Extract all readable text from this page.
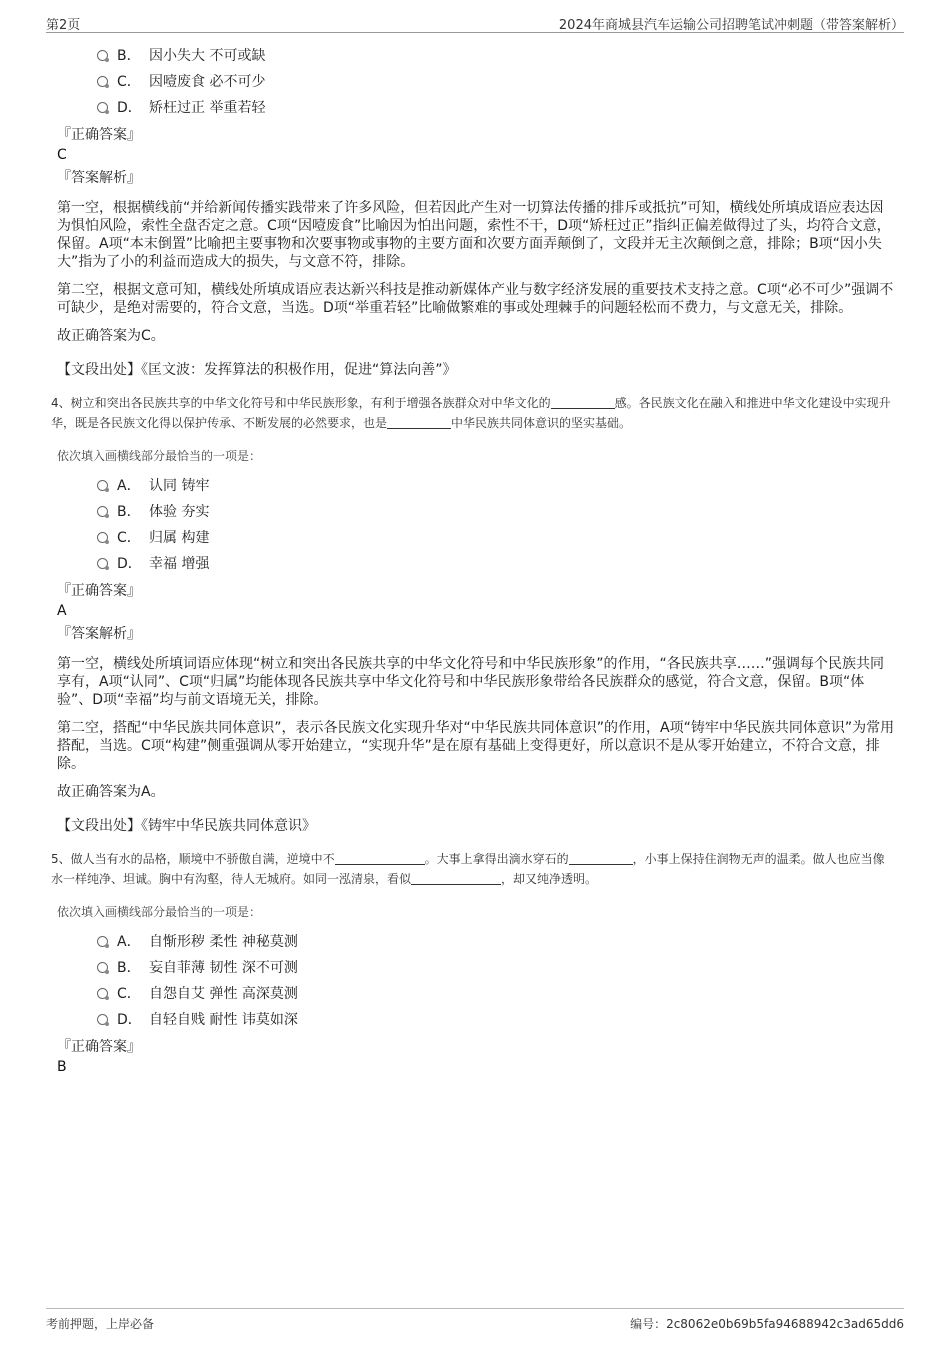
第2页	2024年商城县汽车运输公司招聘笔试冲刺题（带答案解析）
B． 因小失大 不可或缺
C． 因噎废食 必不可少
D． 矫枉过正 举重若轻
『正确答案』
C
『答案解析』

第一空，根据横线前“并给新闻传播实践带来了许多风险，但若因此产生对一切算法传播的排斥或抵抗”可知，横线处所填成语应表达因为惧怕风险，索性全盘否定之意。C项“因噎废食”比喻因为怕出问题，索性不干，D项“矫枉过正”指纠正偏差做得过了头，均符合文意，保留。A项“本末倒置”比喻把主要事物和次要事物或事物的主要方面和次要方面弄颠倒了，文段并无主次颠倒之意，排除；B项“因小失大”指为了小的利益而造成大的损失，与文意不符，排除。

第二空，根据文意可知，横线处所填成语应表达新兴科技是推动新媒体产业与数字经济发展的重要技术支持之意。C项“必不可少”强调不可缺少，是绝对需要的，符合文意，当选。D项“举重若轻”比喻做繁难的事或处理棘手的问题轻松而不费力，与文意无关，排除。

故正确答案为C。

【文段出处】《匡文波：发挥算法的积极作用，促进“算法向善”》

4、树立和突出各民族共享的中华文化符号和中华民族形象，有利于增强各族群众对中华文化的	感。各民族文化在融入和推进中华文化建设中实现升华，既是各民族文化得以保护传承、不断发展的必然要求，也是	中华民族共同体意识的坚实基础。

依次填入画横线部分最恰当的一项是：
A． 认同 铸牢
B． 体验 夯实
C． 归属 构建
D． 幸福 增强
『正确答案』
A
『答案解析』

第一空，横线处所填词语应体现“树立和突出各民族共享的中华文化符号和中华民族形象”的作用，“各民族共享……”强调每个民族共同享有，A项“认同”、C项“归属”均能体现各民族共享中华文化符号和中华民族形象带给各民族群众的感觉，符合文意，保留。B项“体验”、D项“幸福”均与前文语境无关，排除。

第二空，搭配“中华民族共同体意识”，表示各民族文化实现升华对“中华民族共同体意识”的作用，A项“铸牢中华民族共同体意识”为常用搭配，当选。C项“构建”侧重强调从零开始建立，“实现升华”是在原有基础上变得更好，所以意识不是从零开始建立，不符合文意，排除。

故正确答案为A。

【文段出处】《铸牢中华民族共同体意识》

5、做人当有水的品格，顺境中不骄傲自满，逆境中不	。大事上拿得出滴水穿石的	，小事上保持住润物无声的温柔。做人也应当像水一样纯净、坦诚。胸中有沟壑，待人无城府。如同一泓清泉，看似	，却又纯净透明。

依次填入画横线部分最恰当的一项是：
A． 自惭形秽 柔性 神秘莫测
B． 妄自菲薄 韧性 深不可测
C． 自怨自艾 弹性 高深莫测
D． 自轻自贱 耐性 讳莫如深
『正确答案』
B
考前押题，上岸必备	编号：2c8062e0b69b5fa94688942c3ad65dd6
